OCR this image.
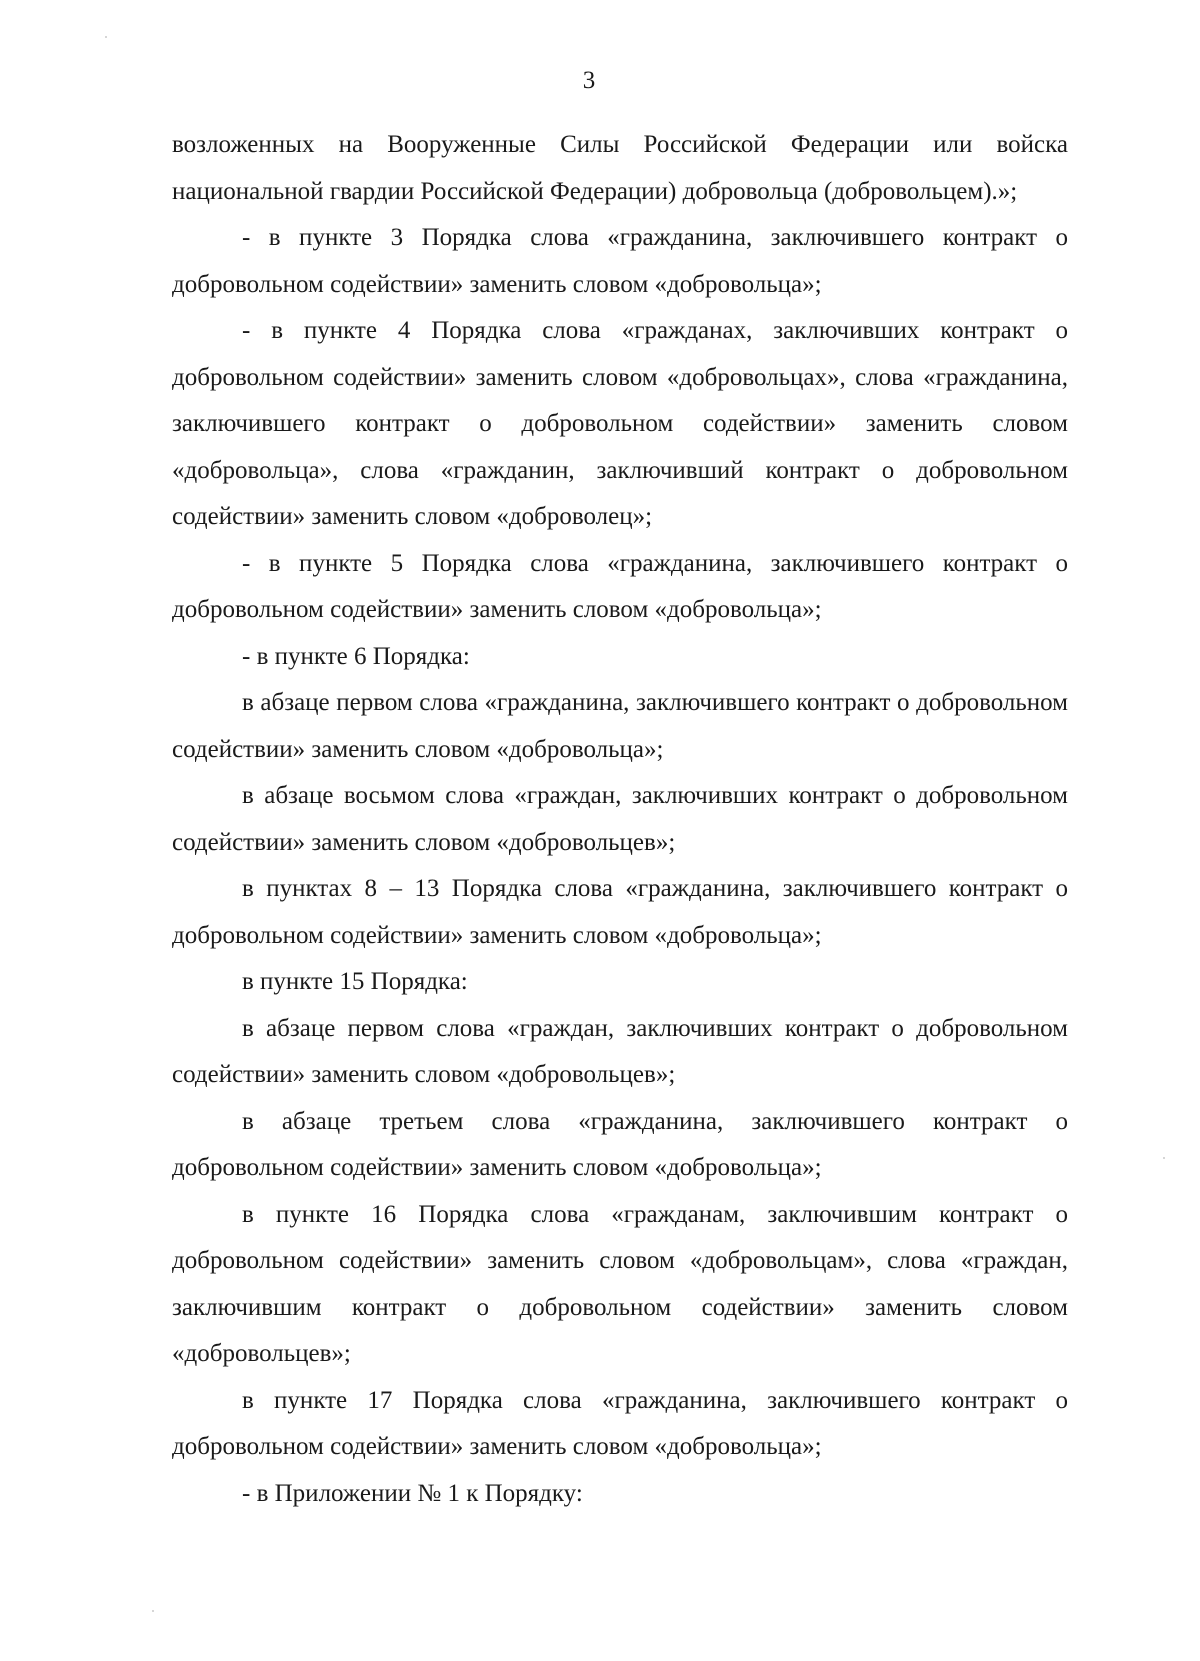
3

возложенных на Вооруженные Силы Российской Федерации или войска национальной гвардии Российской Федерации) добровольца (добровольцем).»;

- в пункте 3 Порядка слова «гражданина, заключившего контракт о добровольном содействии» заменить словом «добровольца»;

- в пункте 4 Порядка слова «гражданах, заключивших контракт о добровольном содействии» заменить словом «добровольцах», слова «гражданина, заключившего контракт о добровольном содействии» заменить словом «добровольца», слова «гражданин, заключивший контракт о добровольном содействии» заменить словом «доброволец»;

- в пункте 5 Порядка слова «гражданина, заключившего контракт о добровольном содействии» заменить словом «добровольца»;

- в пункте 6 Порядка:

в абзаце первом слова «гражданина, заключившего контракт о добровольном содействии» заменить словом «добровольца»;

в абзаце восьмом слова «граждан, заключивших контракт о добровольном содействии» заменить словом «добровольцев»;

в пунктах 8 – 13 Порядка слова «гражданина, заключившего контракт о добровольном содействии» заменить словом «добровольца»;

в пункте 15 Порядка:

в абзаце первом слова «граждан, заключивших контракт о добровольном содействии» заменить словом «добровольцев»;

в абзаце третьем слова «гражданина, заключившего контракт о добровольном содействии» заменить словом «добровольца»;

в пункте 16 Порядка слова «гражданам, заключившим контракт о добровольном содействии» заменить словом «добровольцам», слова «граждан, заключившим контракт о добровольном содействии» заменить словом «добровольцев»;

в пункте 17 Порядка слова «гражданина, заключившего контракт о добровольном содействии» заменить словом «добровольца»;

- в Приложении № 1 к Порядку:
